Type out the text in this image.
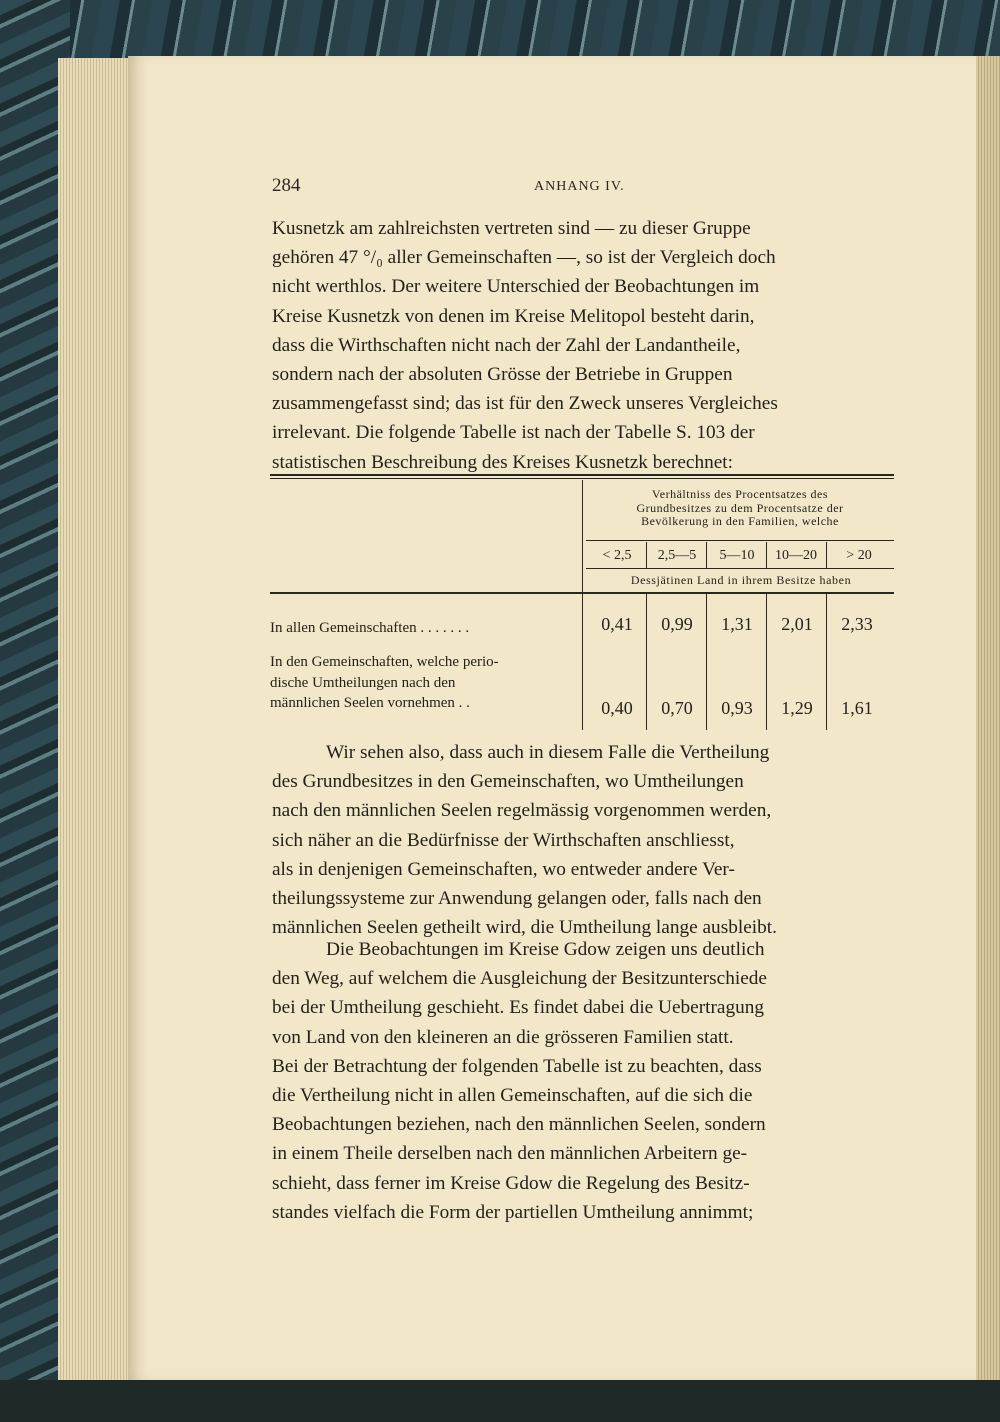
284	ANHANG IV.
Kusnetzk am zahlreichsten vertreten sind — zu dieser Gruppe
gehören 47 °/₀ aller Gemeinschaften —, so ist der Vergleich doch
nicht werthlos. Der weitere Unterschied der Beobachtungen im
Kreise Kusnetzk von denen im Kreise Melitopol besteht darin,
dass die Wirthschaften nicht nach der Zahl der Landantheile,
sondern nach der absoluten Grösse der Betriebe in Gruppen
zusammengefasst sind; das ist für den Zweck unseres Vergleiches
irrelevant. Die folgende Tabelle ist nach der Tabelle S. 103 der
statistischen Beschreibung des Kreises Kusnetzk berechnet:
Verhältniss des Procentsatzes des
Grundbesitzes zu dem Procentsatze der
Bevölkerung in den Familien, welche
< 2,5	2,5—5	5—10	10—20	> 20
Dessjätinen Land in ihrem Besitze haben
In allen Gemeinschaften . . . . . . .	0,41	0,99	1,31	2,01	2,33
In den Gemeinschaften, welche perio-
dische Umtheilungen nach den
männlichen Seelen vornehmen . .	0,40	0,70	0,93	1,29	1,61
Wir sehen also, dass auch in diesem Falle die Vertheilung
des Grundbesitzes in den Gemeinschaften, wo Umtheilungen
nach den männlichen Seelen regelmässig vorgenommen werden,
sich näher an die Bedürfnisse der Wirthschaften anschliesst,
als in denjenigen Gemeinschaften, wo entweder andere Ver-
theilungssysteme zur Anwendung gelangen oder, falls nach den
männlichen Seelen getheilt wird, die Umtheilung lange ausbleibt.
Die Beobachtungen im Kreise Gdow zeigen uns deutlich
den Weg, auf welchem die Ausgleichung der Besitzunterschiede
bei der Umtheilung geschieht. Es findet dabei die Uebertragung
von Land von den kleineren an die grösseren Familien statt.
Bei der Betrachtung der folgenden Tabelle ist zu beachten, dass
die Vertheilung nicht in allen Gemeinschaften, auf die sich die
Beobachtungen beziehen, nach den männlichen Seelen, sondern
in einem Theile derselben nach den männlichen Arbeitern ge-
schieht, dass ferner im Kreise Gdow die Regelung des Besitz-
standes vielfach die Form der partiellen Umtheilung annimmt;
